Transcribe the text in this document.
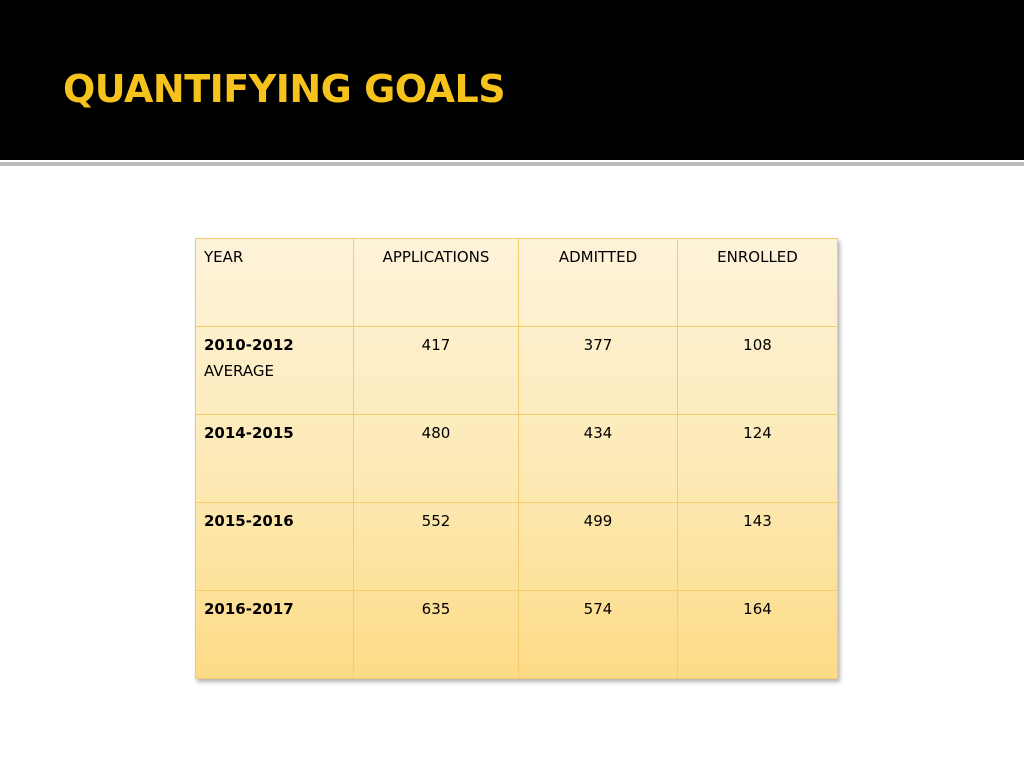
QUANTIFYING GOALS
YEAR	APPLICATIONS	ADMITTED	ENROLLED
2010-2012
AVERAGE	417	377	108
2014-2015	480	434	124
2015-2016	552	499	143
2016-2017	635	574	164
